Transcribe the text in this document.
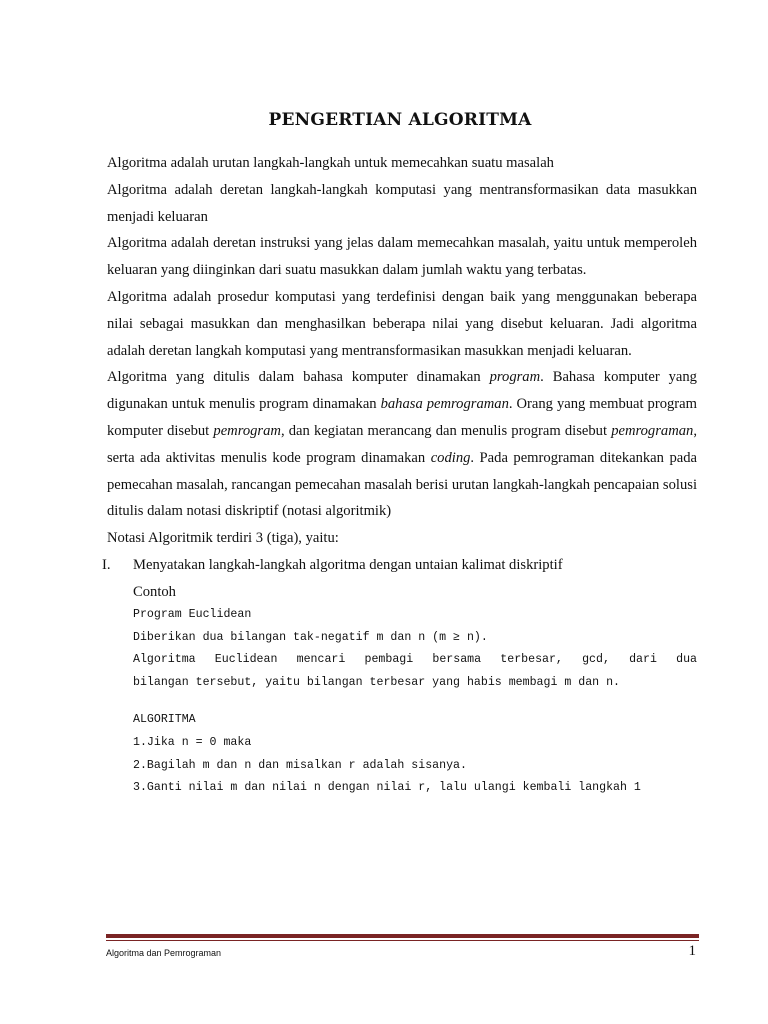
PENGERTIAN ALGORITMA

Algoritma adalah urutan langkah-langkah untuk memecahkan suatu masalah

Algoritma adalah deretan langkah-langkah komputasi yang mentransformasikan data masukkan menjadi keluaran

Algoritma adalah deretan instruksi yang jelas dalam memecahkan masalah, yaitu untuk memperoleh keluaran yang diinginkan dari suatu masukkan dalam jumlah waktu yang terbatas.

Algoritma adalah prosedur komputasi yang terdefinisi dengan baik yang menggunakan beberapa nilai sebagai masukkan dan menghasilkan beberapa nilai yang disebut keluaran. Jadi algoritma adalah deretan langkah komputasi yang mentransformasikan masukkan menjadi keluaran.

Algoritma yang ditulis dalam bahasa komputer dinamakan program. Bahasa komputer yang digunakan untuk menulis program dinamakan bahasa pemrograman. Orang yang membuat program komputer disebut pemrogram, dan kegiatan merancang dan menulis program disebut pemrograman, serta ada aktivitas menulis kode program dinamakan coding. Pada pemrograman ditekankan pada pemecahan masalah, rancangan pemecahan masalah berisi urutan langkah-langkah pencapaian solusi ditulis dalam notasi diskriptif (notasi algoritmik)

Notasi Algoritmik terdiri 3 (tiga), yaitu:

I. Menyatakan langkah-langkah algoritma dengan untaian kalimat diskriptif

Contoh

Program Euclidean

Diberikan dua bilangan tak-negatif m dan n (m ≥ n).

Algoritma Euclidean mencari pembagi bersama terbesar, gcd, dari dua

bilangan tersebut, yaitu bilangan terbesar yang habis membagi m dan n.

ALGORITMA

1.Jika n = 0 maka

2.Bagilah m dan n dan misalkan r adalah sisanya.

3.Ganti nilai m dan nilai n dengan nilai r, lalu ulangi kembali langkah 1

Algoritma dan Pemrograman	1
